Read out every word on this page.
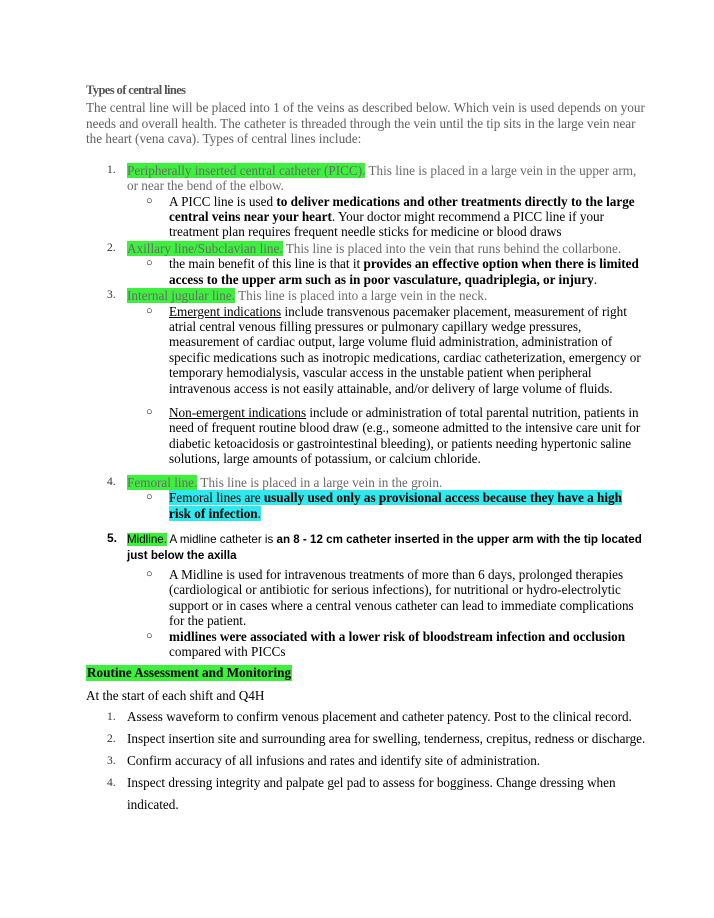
Types of central lines

The central line will be placed into 1 of the veins as described below. Which vein is used depends on your needs and overall health. The catheter is threaded through the vein until the tip sits in the large vein near the heart (vena cava). Types of central lines include:

1. Peripherally inserted central catheter (PICC). This line is placed in a large vein in the upper arm, or near the bend of the elbow.
○ A PICC line is used to deliver medications and other treatments directly to the large central veins near your heart. Your doctor might recommend a PICC line if your treatment plan requires frequent needle sticks for medicine or blood draws
2. Axillary line/Subclavian line. This line is placed into the vein that runs behind the collarbone.
○ the main benefit of this line is that it provides an effective option when there is limited access to the upper arm such as in poor vasculature, quadriplegia, or injury.
3. Internal jugular line. This line is placed into a large vein in the neck.
○ Emergent indications include transvenous pacemaker placement, measurement of right atrial central venous filling pressures or pulmonary capillary wedge pressures, measurement of cardiac output, large volume fluid administration, administration of specific medications such as inotropic medications, cardiac catheterization, emergency or temporary hemodialysis, vascular access in the unstable patient when peripheral intravenous access is not easily attainable, and/or delivery of large volume of fluids.
○ Non-emergent indications include or administration of total parental nutrition, patients in need of frequent routine blood draw (e.g., someone admitted to the intensive care unit for diabetic ketoacidosis or gastrointestinal bleeding), or patients needing hypertonic saline solutions, large amounts of potassium, or calcium chloride.
4. Femoral line. This line is placed in a large vein in the groin.
○ Femoral lines are usually used only as provisional access because they have a high risk of infection.
5. Midline. A midline catheter is an 8 - 12 cm catheter inserted in the upper arm with the tip located just below the axilla
○ A Midline is used for intravenous treatments of more than 6 days, prolonged therapies (cardiological or antibiotic for serious infections), for nutritional or hydro-electrolytic support or in cases where a central venous catheter can lead to immediate complications for the patient.
○ midlines were associated with a lower risk of bloodstream infection and occlusion compared with PICCs
Routine Assessment and Monitoring
At the start of each shift and Q4H
1. Assess waveform to confirm venous placement and catheter patency. Post to the clinical record.
2. Inspect insertion site and surrounding area for swelling, tenderness, crepitus, redness or discharge.
3. Confirm accuracy of all infusions and rates and identify site of administration.
4. Inspect dressing integrity and palpate gel pad to assess for bogginess. Change dressing when indicated.
